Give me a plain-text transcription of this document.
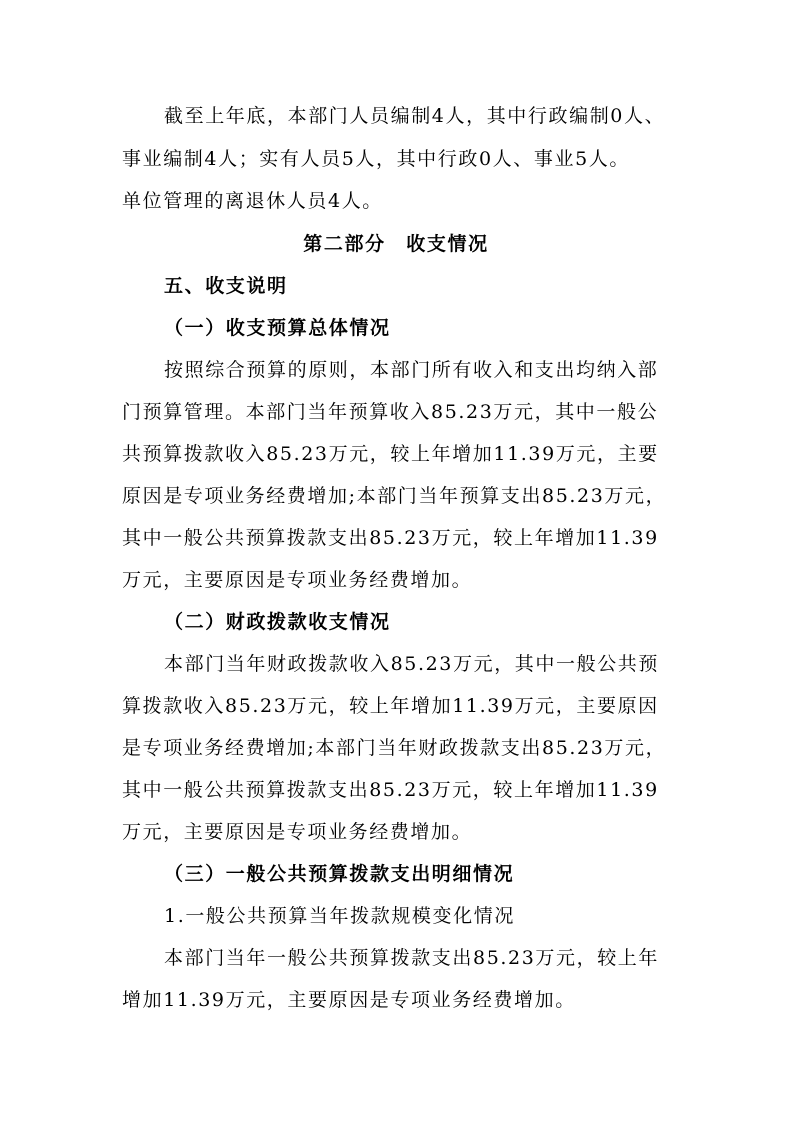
截至上年底，本部门人员编制4人，其中行政编制0人、
事业编制4人；实有人员5人，其中行政0人、事业5人。
单位管理的离退休人员4人。
第二部分　收支情况
五、收支说明
（一）收支预算总体情况
按照综合预算的原则，本部门所有收入和支出均纳入部
门预算管理。本部门当年预算收入85.23万元，其中一般公
共预算拨款收入85.23万元，较上年增加11.39万元，主要
原因是专项业务经费增加;本部门当年预算支出85.23万元，
其中一般公共预算拨款支出85.23万元，较上年增加11.39
万元，主要原因是专项业务经费增加。
（二）财政拨款收支情况
本部门当年财政拨款收入85.23万元，其中一般公共预
算拨款收入85.23万元，较上年增加11.39万元，主要原因
是专项业务经费增加;本部门当年财政拨款支出85.23万元，
其中一般公共预算拨款支出85.23万元，较上年增加11.39
万元，主要原因是专项业务经费增加。
（三）一般公共预算拨款支出明细情况
1.一般公共预算当年拨款规模变化情况
本部门当年一般公共预算拨款支出85.23万元，较上年
增加11.39万元，主要原因是专项业务经费增加。
